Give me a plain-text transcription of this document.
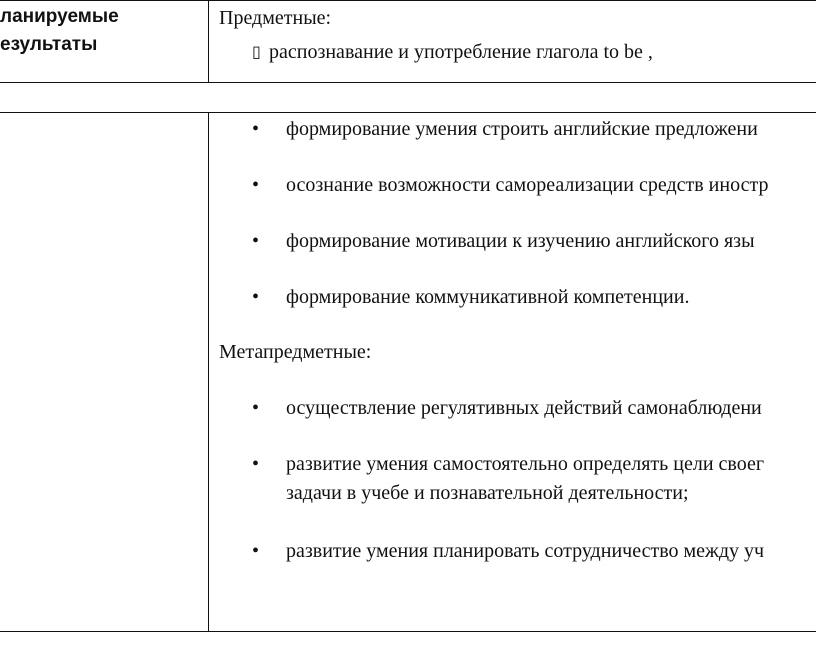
ланируемые
езультаты
Предметные:
▯ распознавание и употребление глагола to be ,
• формирование умения строить английские предложени
• осознание возможности самореализации средств иностр
• формирование мотивации к изучению английского язы
• формирование коммуникативной компетенции.
Метапредметные:
• осуществление регулятивных действий самонаблюдени
• развитие умения самостоятельно определять цели своег
задачи в учебе и познавательной деятельности;
• развитие умения планировать сотрудничество между уч
